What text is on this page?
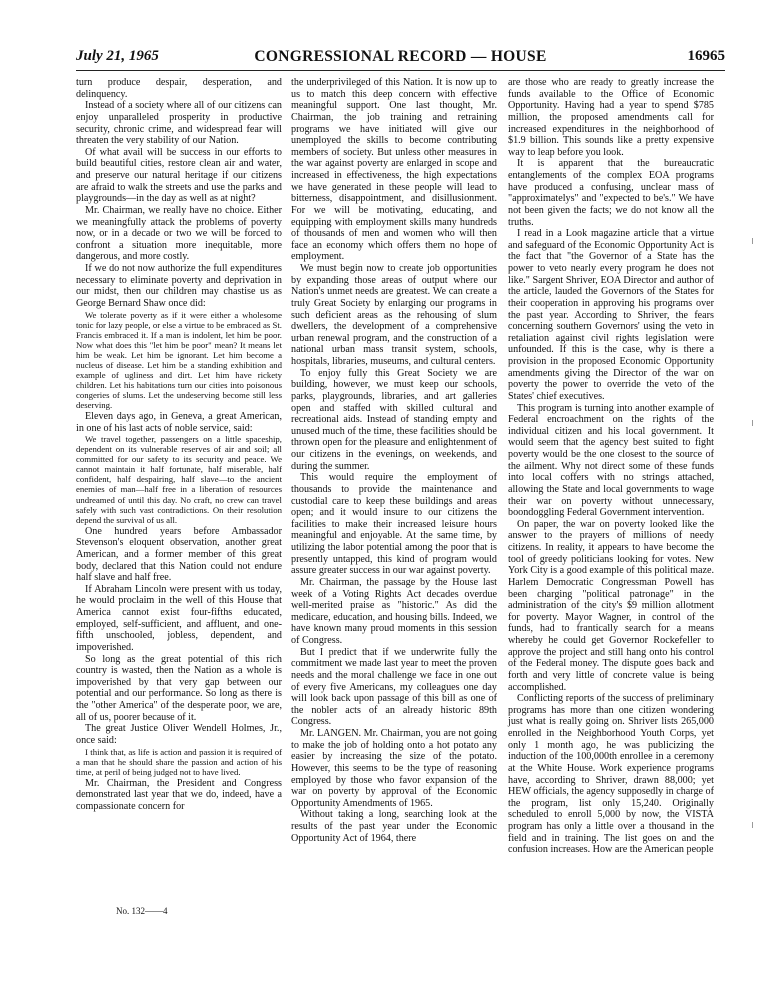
July 21, 1965	CONGRESSIONAL RECORD — HOUSE	16965

turn produce despair, desperation, and delinquency.

Instead of a society where all of our citizens can enjoy unparalleled prosperity in productive security, chronic crime, and widespread fear will threaten the very stability of our Nation.

Of what avail will be success in our efforts to build beautiful cities, restore clean air and water, and preserve our natural heritage if our citizens are afraid to walk the streets and use the parks and playgrounds—in the day as well as at night?

Mr. Chairman, we really have no choice. Either we meaningfully attack the problems of poverty now, or in a decade or two we will be forced to confront a situation more inequitable, more dangerous, and more costly.

If we do not now authorize the full expenditures necessary to eliminate poverty and deprivation in our midst, then our children may chastise us as George Bernard Shaw once did:

We tolerate poverty as if it were either a wholesome tonic for lazy people, or else a virtue to be embraced as St. Francis embraced it. If a man is indolent, let him be poor. Now what does this "let him be poor" mean? It means let him be weak. Let him be ignorant. Let him become a nucleus of disease. Let him be a standing exhibition and example of ugliness and dirt. Let him have rickety children. Let his habitations turn our cities into poisonous congeries of slums. Let the undeserving become still less deserving.

Eleven days ago, in Geneva, a great American, in one of his last acts of noble service, said:

We travel together, passengers on a little spaceship, dependent on its vulnerable reserves of air and soil; all committed for our safety to its security and peace. We cannot maintain it half fortunate, half miserable, half confident, half despairing, half slave—to the ancient enemies of man—half free in a liberation of resources undreamed of until this day. No craft, no crew can travel safely with such vast contradictions. On their resolution depend the survival of us all.

One hundred years before Ambassador Stevenson's eloquent observation, another great American, and a former member of this great body, declared that this Nation could not endure half slave and half free.

If Abraham Lincoln were present with us today, he would proclaim in the well of this House that America cannot exist four-fifths educated, employed, self-sufficient, and affluent, and one-fifth unschooled, jobless, dependent, and impoverished.

So long as the great potential of this rich country is wasted, then the Nation as a whole is impoverished by that very gap between our potential and our performance. So long as there is the "other America" of the desperate poor, we are, all of us, poorer because of it.

The great Justice Oliver Wendell Holmes, Jr., once said:

I think that, as life is action and passion it is required of a man that he should share the passion and action of his time, at peril of being judged not to have lived.

Mr. Chairman, the President and Congress demonstrated last year that we do, indeed, have a compassionate concern for

the underprivileged of this Nation. It is now up to us to match this deep concern with effective meaningful support. One last thought, Mr. Chairman, the job training and retraining programs we have initiated will give our unemployed the skills to become contributing members of society. But unless other measures in the war against poverty are enlarged in scope and increased in effectiveness, the high expectations we have generated in these people will lead to bitterness, disappointment, and disillusionment. For we will be motivating, educating, and equipping with employment skills many hundreds of thousands of men and women who will then face an economy which offers them no hope of employment.

We must begin now to create job opportunities by expanding those areas of output where our Nation's unmet needs are greatest. We can create a truly Great Society by enlarging our programs in such deficient areas as the rehousing of slum dwellers, the development of a comprehensive urban renewal program, and the construction of a national urban mass transit system, schools, hospitals, libraries, museums, and cultural centers.

To enjoy fully this Great Society we are building, however, we must keep our schools, parks, playgrounds, libraries, and art galleries open and staffed with skilled cultural and recreational aids. Instead of standing empty and unused much of the time, these facilities should be thrown open for the pleasure and enlightenment of our citizens in the evenings, on weekends, and during the summer.

This would require the employment of thousands to provide the maintenance and custodial care to keep these buildings and areas open; and it would insure to our citizens the facilities to make their increased leisure hours meaningful and enjoyable. At the same time, by utilizing the labor potential among the poor that is presently untapped, this kind of program would assure greater success in our war against poverty.

Mr. Chairman, the passage by the House last week of a Voting Rights Act decades overdue well-merited praise as "historic." As did the medicare, education, and housing bills. Indeed, we have known many proud moments in this session of Congress.

But I predict that if we underwrite fully the commitment we made last year to meet the proven needs and the moral challenge we face in one out of every five Americans, my colleagues one day will look back upon passage of this bill as one of the nobler acts of an already historic 89th Congress.

Mr. LANGEN. Mr. Chairman, you are not going to make the job of holding onto a hot potato any easier by increasing the size of the potato. However, this seems to be the type of reasoning employed by those who favor expansion of the war on poverty by approval of the Economic Opportunity Amendments of 1965.

Without taking a long, searching look at the results of the past year under the Economic Opportunity Act of 1964, there

are those who are ready to greatly increase the funds available to the Office of Economic Opportunity. Having had a year to spend $785 million, the proposed amendments call for increased expenditures in the neighborhood of $1.9 billion. This sounds like a pretty expensive way to leap before you look.

It is apparent that the bureaucratic entanglements of the complex EOA programs have produced a confusing, unclear mass of "approximatelys" and "expected to be's." We have not been given the facts; we do not know all the truths.

I read in a Look magazine article that a virtue and safeguard of the Economic Opportunity Act is the fact that "the Governor of a State has the power to veto nearly every program he does not like." Sargent Shriver, EOA Director and author of the article, lauded the Governors of the States for their cooperation in approving his programs over the past year. According to Shriver, the fears concerning southern Governors' using the veto in retaliation against civil rights legislation were unfounded. If this is the case, why is there a provision in the proposed Economic Opportunity amendments giving the Director of the war on poverty the power to override the veto of the States' chief executives.

This program is turning into another example of Federal encroachment on the rights of the individual citizen and his local government. It would seem that the agency best suited to fight poverty would be the one closest to the source of the ailment. Why not direct some of these funds into local coffers with no strings attached, allowing the State and local governments to wage their war on poverty without unnecessary, boondoggling Federal Government intervention.

On paper, the war on poverty looked like the answer to the prayers of millions of needy citizens. In reality, it appears to have become the tool of greedy politicians looking for votes. New York City is a good example of this political maze. Harlem Democratic Congressman Powell has been charging "political patronage" in the administration of the city's $9 million allotment for poverty. Mayor Wagner, in control of the funds, had to frantically search for a means whereby he could get Governor Rockefeller to approve the project and still hang onto his control of the Federal money. The dispute goes back and forth and very little of concrete value is being accomplished.

Conflicting reports of the success of preliminary programs has more than one citizen wondering just what is really going on. Shriver lists 265,000 enrolled in the Neighborhood Youth Corps, yet only 1 month ago, he was publicizing the induction of the 100,000th enrollee in a ceremony at the White House. Work experience programs have, according to Shriver, drawn 88,000; yet HEW officials, the agency supposedly in charge of the program, list only 15,240. Originally scheduled to enroll 5,000 by now, the VISTA program has only a little over a thousand in the field and in training. The list goes on and the confusion increases. How are the American people

No. 132——4
